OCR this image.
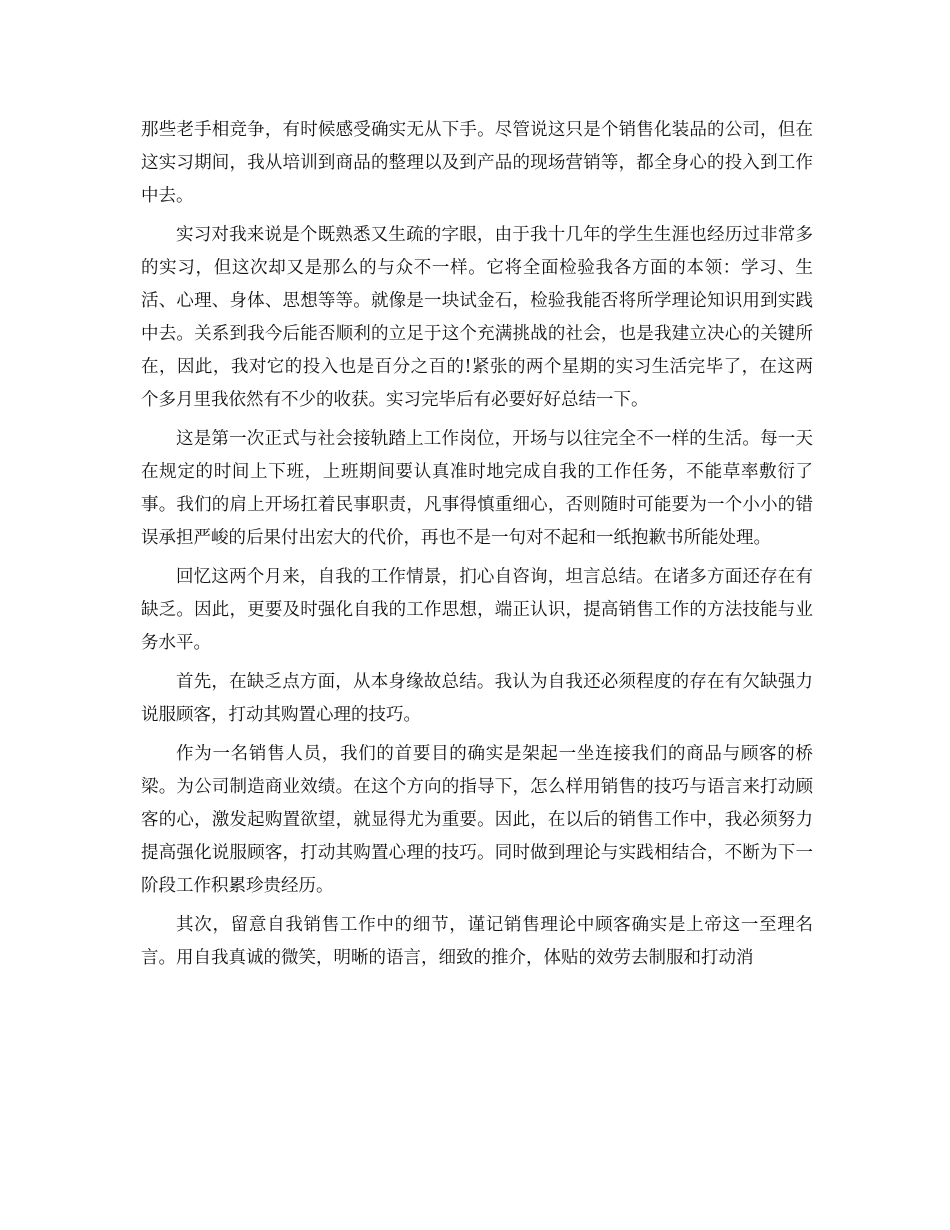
那些老手相竞争，有时候感受确实无从下手。尽管说这只是个销售化装品的公司，但在这实习期间，我从培训到商品的整理以及到产品的现场营销等，都全身心的投入到工作中去。

实习对我来说是个既熟悉又生疏的字眼，由于我十几年的学生生涯也经历过非常多的实习，但这次却又是那么的与众不一样。它将全面检验我各方面的本领：学习、生活、心理、身体、思想等等。就像是一块试金石，检验我能否将所学理论知识用到实践中去。关系到我今后能否顺利的立足于这个充满挑战的社会，也是我建立决心的关键所在，因此，我对它的投入也是百分之百的!紧张的两个星期的实习生活完毕了，在这两个多月里我依然有不少的收获。实习完毕后有必要好好总结一下。

这是第一次正式与社会接轨踏上工作岗位，开场与以往完全不一样的生活。每一天在规定的时间上下班，上班期间要认真准时地完成自我的工作任务，不能草率敷衍了事。我们的肩上开场扛着民事职责，凡事得慎重细心，否则随时可能要为一个小小的错误承担严峻的后果付出宏大的代价，再也不是一句对不起和一纸抱歉书所能处理。

回忆这两个月来，自我的工作情景，扪心自咨询，坦言总结。在诸多方面还存在有缺乏。因此，更要及时强化自我的工作思想，端正认识，提高销售工作的方法技能与业务水平。

首先，在缺乏点方面，从本身缘故总结。我认为自我还必须程度的存在有欠缺强力说服顾客，打动其购置心理的技巧。

作为一名销售人员，我们的首要目的确实是架起一坐连接我们的商品与顾客的桥梁。为公司制造商业效绩。在这个方向的指导下，怎么样用销售的技巧与语言来打动顾客的心，激发起购置欲望，就显得尤为重要。因此，在以后的销售工作中，我必须努力提高强化说服顾客，打动其购置心理的技巧。同时做到理论与实践相结合，不断为下一阶段工作积累珍贵经历。

其次，留意自我销售工作中的细节，谨记销售理论中顾客确实是上帝这一至理名言。用自我真诚的微笑，明晰的语言，细致的推介，体贴的效劳去制服和打动消
